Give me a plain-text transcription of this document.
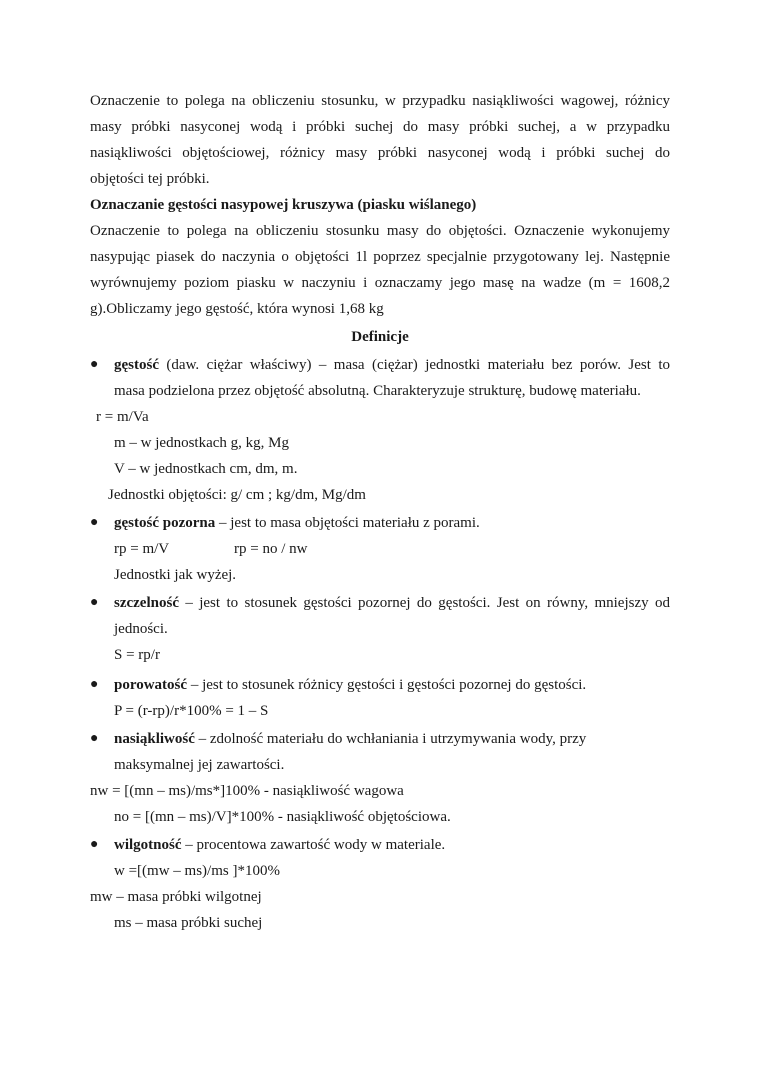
Oznaczenie to polega na obliczeniu stosunku, w przypadku nasiąkliwości wagowej, różnicy

masy próbki nasyconej wodą i próbki suchej do masy próbki suchej, a w przypadku

nasiąkliwości objętościowej, różnicy masy próbki nasyconej wodą i próbki suchej do

objętości tej próbki.

Oznaczanie gęstości nasypowej kruszywa (piasku wiślanego)

Oznaczenie to polega na obliczeniu stosunku masy do objętości. Oznaczenie wykonujemy

nasypując piasek do naczynia o objętości 1l poprzez specjalnie przygotowany lej. Następnie

wyrównujemy poziom piasku w naczyniu i oznaczamy jego masę na wadze (m = 1608,2

g).Obliczamy jego gęstość, która wynosi 1,68 kg

Definicje

● gęstość (daw. ciężar właściwy) – masa (ciężar) jednostki materiału bez porów. Jest to

masa podzielona przez objętość absolutną. Charakteryzuje strukturę, budowę materiału.

r = m/Va

m – w jednostkach g, kg, Mg

V – w jednostkach cm, dm, m.

Jednostki objętości: g/ cm ; kg/dm, Mg/dm

● gęstość pozorna – jest to masa objętości materiału z porami.

rp = m/V	rp = no / nw

Jednostki jak wyżej.

● szczelność – jest to stosunek gęstości pozornej do gęstości. Jest on równy, mniejszy od

jedności.

S = rp/r

● porowatość – jest to stosunek różnicy gęstości i gęstości pozornej do gęstości.

P = (r-rp)/r*100% = 1 – S

● nasiąkliwość – zdolność materiału do wchłaniania i utrzymywania wody, przy

maksymalnej jej zawartości.

nw = [(mn – ms)/ms*]100% - nasiąkliwość wagowa

no = [(mn – ms)/V]*100% - nasiąkliwość objętościowa.

● wilgotność – procentowa zawartość wody w materiale.

w =[(mw – ms)/ms ]*100%

mw – masa próbki wilgotnej

ms – masa próbki suchej
